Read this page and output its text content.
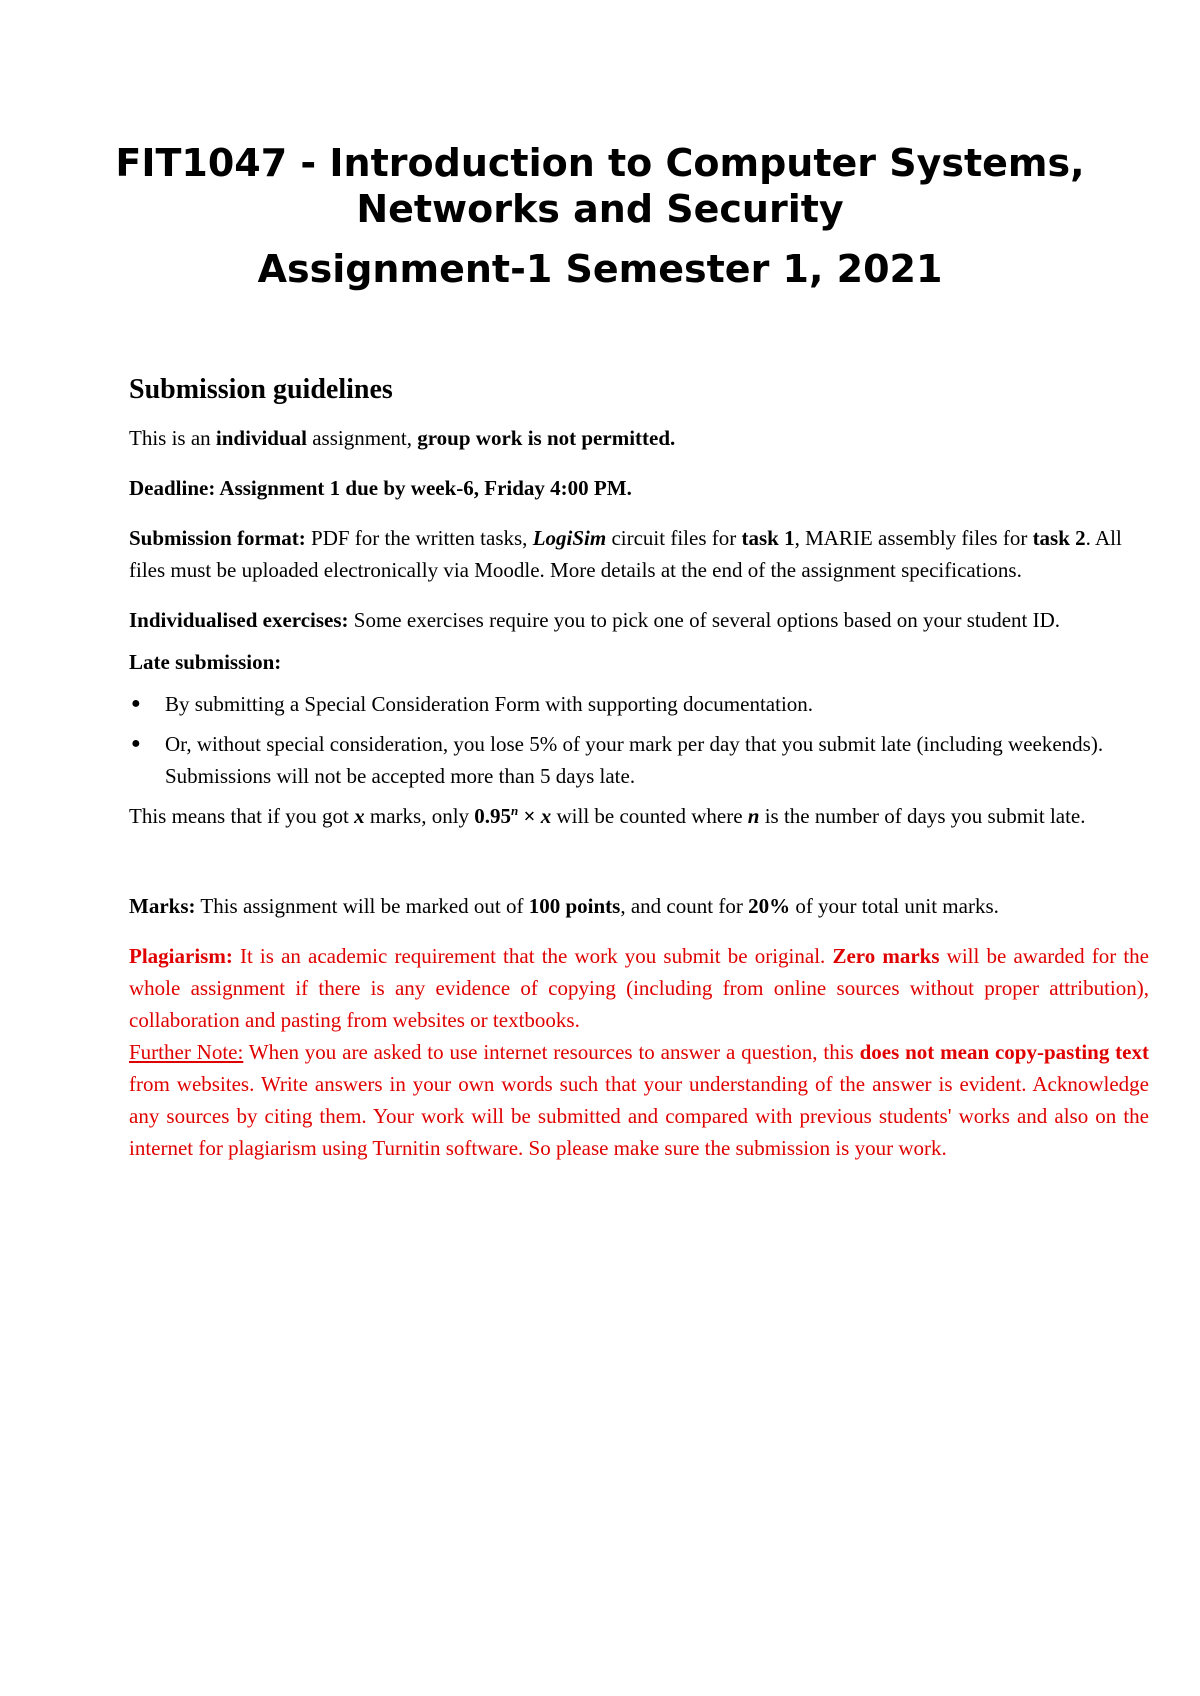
FIT1047 - Introduction to Computer Systems,
Networks and Security
Assignment-1 Semester 1, 2021
Submission guidelines

This is an individual assignment, group work is not permitted.

Deadline: Assignment 1 due by week-6, Friday 4:00 PM.

Submission format: PDF for the written tasks, LogiSim circuit files for task 1, MARIE assembly files for task 2. All files must be uploaded electronically via Moodle. More details at the end of the assignment specifications.

Individualised exercises: Some exercises require you to pick one of several options based on your student ID.

Late submission:

● By submitting a Special Consideration Form with supporting documentation.
● Or, without special consideration, you lose 5% of your mark per day that you submit late (including weekends). Submissions will not be accepted more than 5 days late.

This means that if you got x marks, only $0.95^n \times x$ will be counted where n is the number of days you submit late.

Marks: This assignment will be marked out of 100 points, and count for 20% of your total unit marks.

Plagiarism: It is an academic requirement that the work you submit be original. Zero marks will be awarded for the whole assignment if there is any evidence of copying (including from online sources without proper attribution), collaboration and pasting from websites or textbooks.

Further Note: When you are asked to use internet resources to answer a question, this does not mean copy-pasting text from websites. Write answers in your own words such that your understanding of the answer is evident. Acknowledge any sources by citing them. Your work will be submitted and compared with previous students' works and also on the internet for plagiarism using Turnitin software. So please make sure the submission is your work.
